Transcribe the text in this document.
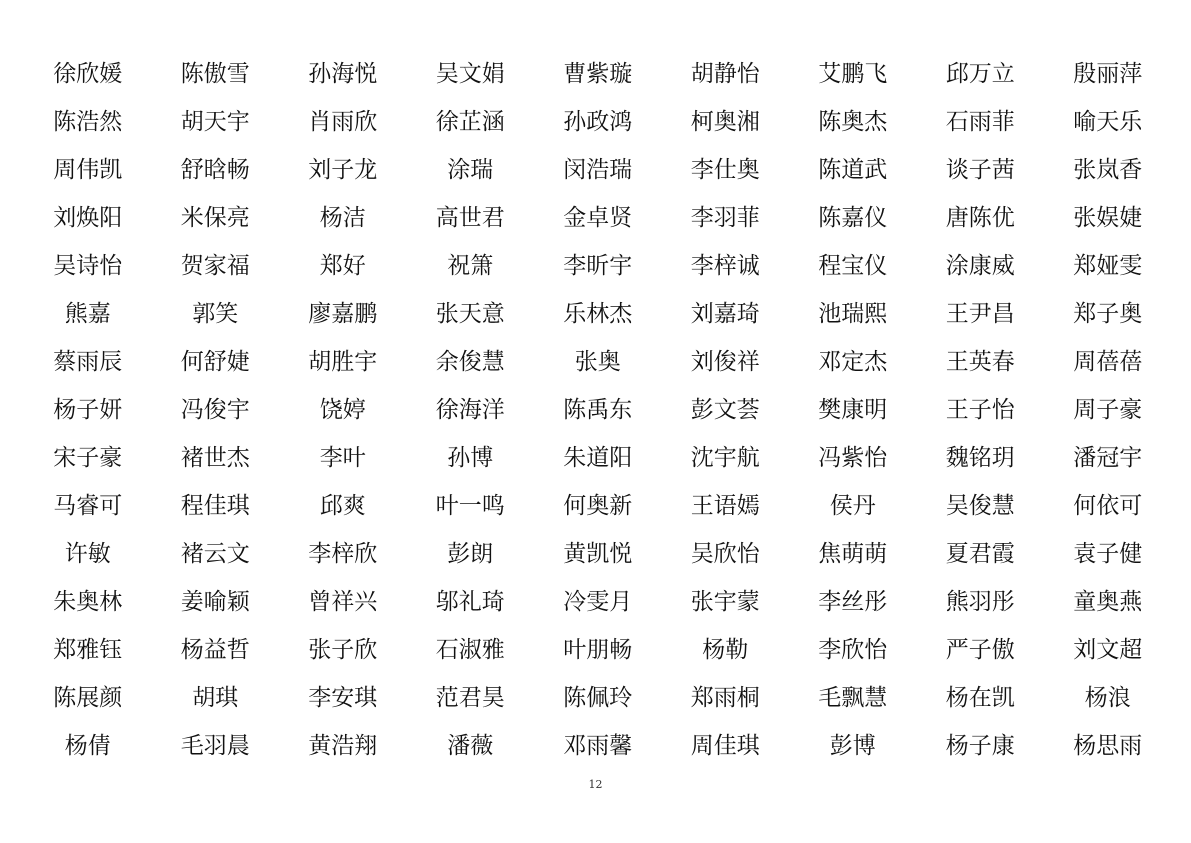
徐欣媛	陈傲雪	孙海悦	吴文娟	曹紫璇	胡静怡	艾鹏飞	邱万立	殷丽萍
陈浩然	胡天宇	肖雨欣	徐芷涵	孙政鸿	柯奥湘	陈奥杰	石雨菲	喻天乐
周伟凯	舒晗畅	刘子龙	涂瑞	闵浩瑞	李仕奥	陈道武	谈子茜	张岚香
刘焕阳	米保亮	杨洁	高世君	金卓贤	李羽菲	陈嘉仪	唐陈优	张娱婕
吴诗怡	贺家福	郑好	祝箫	李昕宇	李梓诚	程宝仪	涂康威	郑娅雯
熊嘉	郭笑	廖嘉鹏	张天意	乐林杰	刘嘉琦	池瑞熙	王尹昌	郑子奥
蔡雨辰	何舒婕	胡胜宇	余俊慧	张奥	刘俊祥	邓定杰	王英春	周蓓蓓
杨子妍	冯俊宇	饶婷	徐海洋	陈禹东	彭文荟	樊康明	王子怡	周子豪
宋子豪	褚世杰	李叶	孙博	朱道阳	沈宇航	冯紫怡	魏铭玥	潘冠宇
马睿可	程佳琪	邱爽	叶一鸣	何奥新	王语嫣	侯丹	吴俊慧	何依可
许敏	褚云文	李梓欣	彭朗	黄凯悦	吴欣怡	焦萌萌	夏君霞	袁子健
朱奥林	姜喻颖	曾祥兴	邬礼琦	冷雯月	张宇蒙	李丝彤	熊羽彤	童奥燕
郑雅钰	杨益哲	张子欣	石淑雅	叶朋畅	杨勒	李欣怡	严子傲	刘文超
陈展颜	胡琪	李安琪	范君昊	陈佩玲	郑雨桐	毛飘慧	杨在凯	杨浪
杨倩	毛羽晨	黄浩翔	潘薇	邓雨馨	周佳琪	彭博	杨子康	杨思雨
12
